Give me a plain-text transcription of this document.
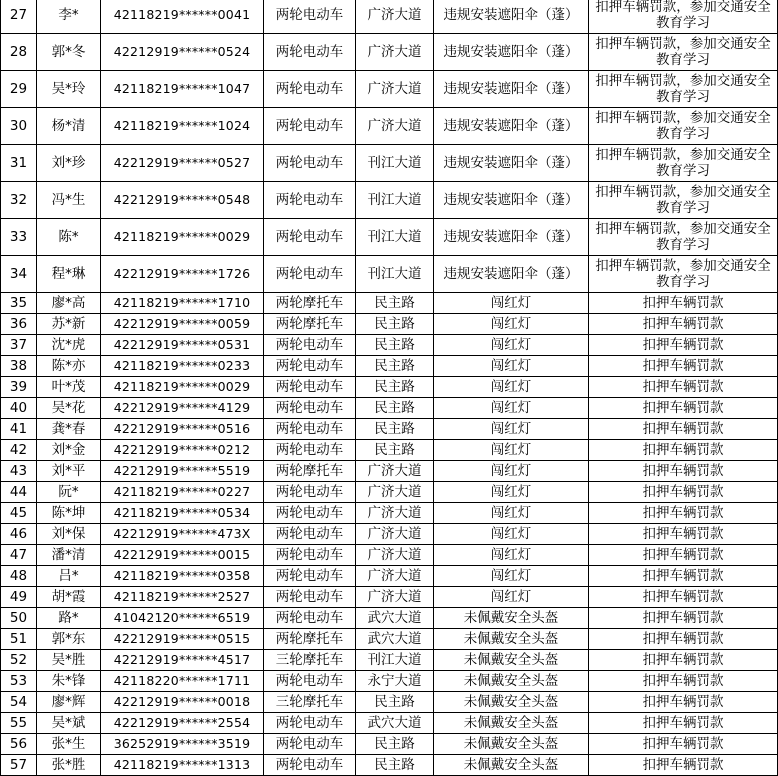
27	李*	42118219******0041	两轮电动车	广济大道	违规安装遮阳伞（蓬）	扣押车辆罚款，参加交通安全教育学习
28	郭*冬	42212919******0524	两轮电动车	广济大道	违规安装遮阳伞（蓬）	扣押车辆罚款，参加交通安全教育学习
29	吴*玲	42118219******1047	两轮电动车	广济大道	违规安装遮阳伞（蓬）	扣押车辆罚款，参加交通安全教育学习
30	杨*清	42118219******1024	两轮电动车	广济大道	违规安装遮阳伞（蓬）	扣押车辆罚款，参加交通安全教育学习
31	刘*珍	42212919******0527	两轮电动车	刊江大道	违规安装遮阳伞（蓬）	扣押车辆罚款，参加交通安全教育学习
32	冯*生	42212919******0548	两轮电动车	刊江大道	违规安装遮阳伞（蓬）	扣押车辆罚款，参加交通安全教育学习
33	陈*	42118219******0029	两轮电动车	刊江大道	违规安装遮阳伞（蓬）	扣押车辆罚款，参加交通安全教育学习
34	程*琳	42212919******1726	两轮电动车	刊江大道	违规安装遮阳伞（蓬）	扣押车辆罚款，参加交通安全教育学习
35	廖*高	42118219******1710	两轮摩托车	民主路	闯红灯	扣押车辆罚款
36	苏*新	42212919******0059	两轮摩托车	民主路	闯红灯	扣押车辆罚款
37	沈*虎	42212919******0531	两轮电动车	民主路	闯红灯	扣押车辆罚款
38	陈*亦	42118219******0233	两轮电动车	民主路	闯红灯	扣押车辆罚款
39	叶*茂	42118219******0029	两轮电动车	民主路	闯红灯	扣押车辆罚款
40	吴*花	42212919******4129	两轮电动车	民主路	闯红灯	扣押车辆罚款
41	龚*春	42212919******0516	两轮电动车	民主路	闯红灯	扣押车辆罚款
42	刘*金	42212919******0212	两轮电动车	民主路	闯红灯	扣押车辆罚款
43	刘*平	42212919******5519	两轮摩托车	广济大道	闯红灯	扣押车辆罚款
44	阮*	42118219******0227	两轮电动车	广济大道	闯红灯	扣押车辆罚款
45	陈*坤	42118219******0534	两轮电动车	广济大道	闯红灯	扣押车辆罚款
46	刘*保	42212919******473X	两轮电动车	广济大道	闯红灯	扣押车辆罚款
47	潘*清	42212919******0015	两轮电动车	广济大道	闯红灯	扣押车辆罚款
48	吕*	42118219******0358	两轮电动车	广济大道	闯红灯	扣押车辆罚款
49	胡*霞	42118219******2527	两轮电动车	广济大道	闯红灯	扣押车辆罚款
50	路*	41042120******6519	两轮电动车	武穴大道	未佩戴安全头盔	扣押车辆罚款
51	郭*东	42212919******0515	两轮摩托车	武穴大道	未佩戴安全头盔	扣押车辆罚款
52	吴*胜	42212919******4517	三轮摩托车	刊江大道	未佩戴安全头盔	扣押车辆罚款
53	朱*锋	42118220******1711	两轮电动车	永宁大道	未佩戴安全头盔	扣押车辆罚款
54	廖*辉	42212919******0018	三轮摩托车	民主路	未佩戴安全头盔	扣押车辆罚款
55	吴*斌	42212919******2554	两轮电动车	武穴大道	未佩戴安全头盔	扣押车辆罚款
56	张*生	36252919******3519	两轮电动车	民主路	未佩戴安全头盔	扣押车辆罚款
57	张*胜	42118219******1313	两轮电动车	民主路	未佩戴安全头盔	扣押车辆罚款
